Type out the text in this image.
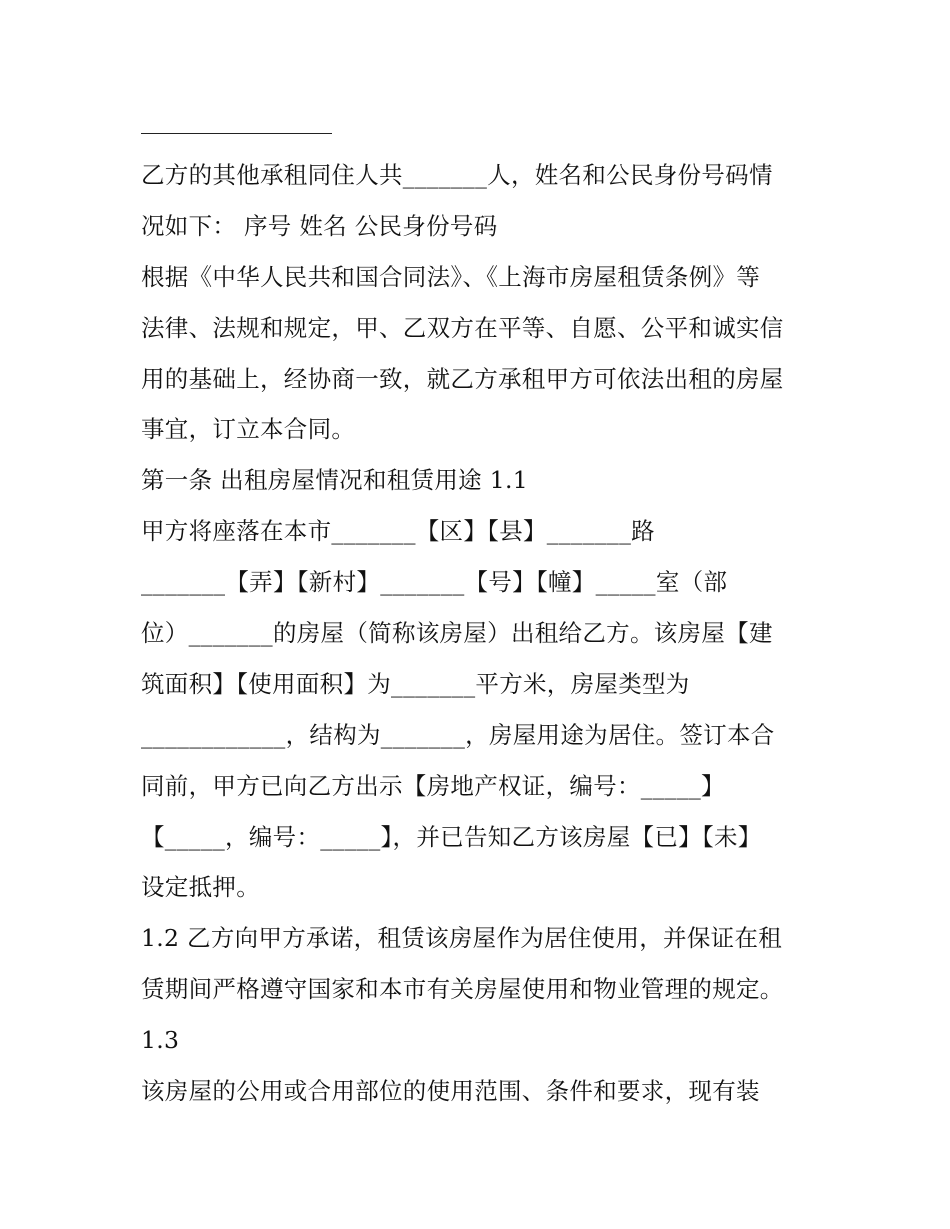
乙方的其他承租同住人共_______人，姓名和公民身份号码情
况如下： 序号 姓名 公民身份号码
根据《中华人民共和国合同法》、《上海市房屋租赁条例》等
法律、法规和规定，甲、乙双方在平等、自愿、公平和诚实信
用的基础上，经协商一致，就乙方承租甲方可依法出租的房屋
事宜，订立本合同。
第一条 出租房屋情况和租赁用途 1.1
甲方将座落在本市_______【区】【县】_______路
_______【弄】【新村】_______【号】【幢】_____室（部
位）_______的房屋（简称该房屋）出租给乙方。该房屋【建
筑面积】【使用面积】为_______平方米，房屋类型为
____________，结构为_______，房屋用途为居住。签订本合
同前，甲方已向乙方出示【房地产权证，编号：_____】
【_____，编号：_____】，并已告知乙方该房屋【已】【未】
设定抵押。
1.2 乙方向甲方承诺，租赁该房屋作为居住使用，并保证在租
赁期间严格遵守国家和本市有关房屋使用和物业管理的规定。
1.3
该房屋的公用或合用部位的使用范围、条件和要求，现有装
